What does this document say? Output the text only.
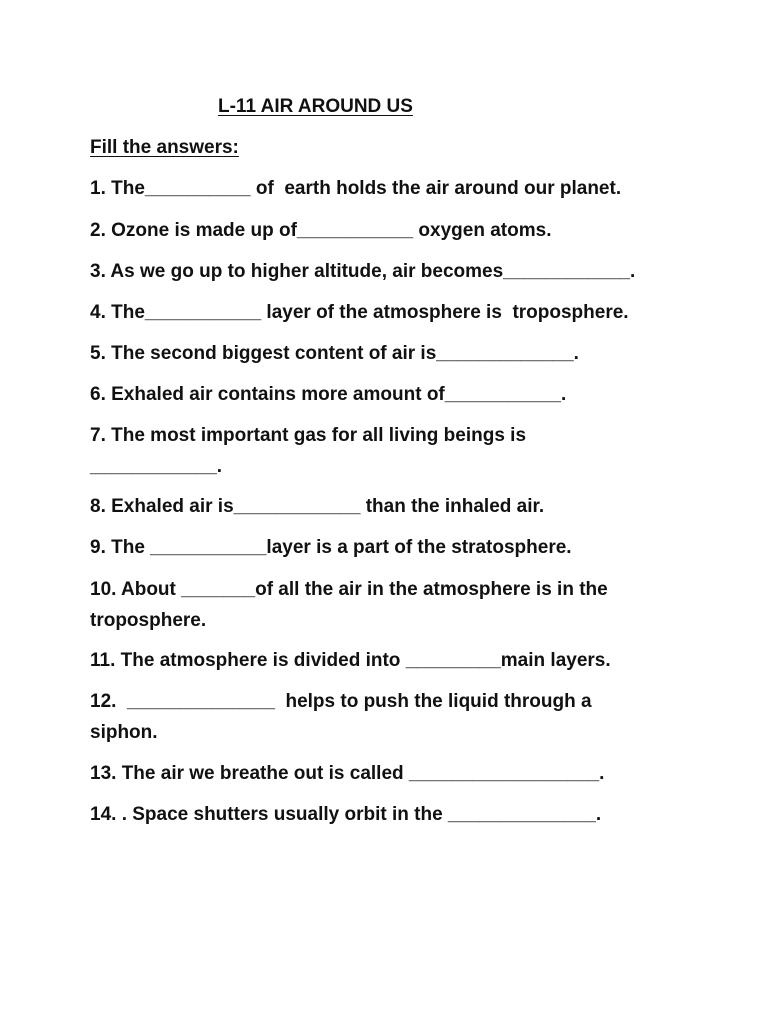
L-11 AIR AROUND US
Fill the answers:
1. The__________ of  earth holds the air around our planet.
2. Ozone is made up of___________ oxygen atoms.
3. As we go up to higher altitude, air becomes____________.
4. The___________ layer of the atmosphere is  troposphere.
5. The second biggest content of air is_____________.
6. Exhaled air contains more amount of___________.
7. The most important gas for all living beings is
____________.
8. Exhaled air is____________ than the inhaled air.
9. The ___________layer is a part of the stratosphere.
10. About _______of all the air in the atmosphere is in the
troposphere.
11. The atmosphere is divided into _________main layers.
12.  ______________  helps to push the liquid through a
siphon.
13. The air we breathe out is called __________________.
14. . Space shutters usually orbit in the ______________.
